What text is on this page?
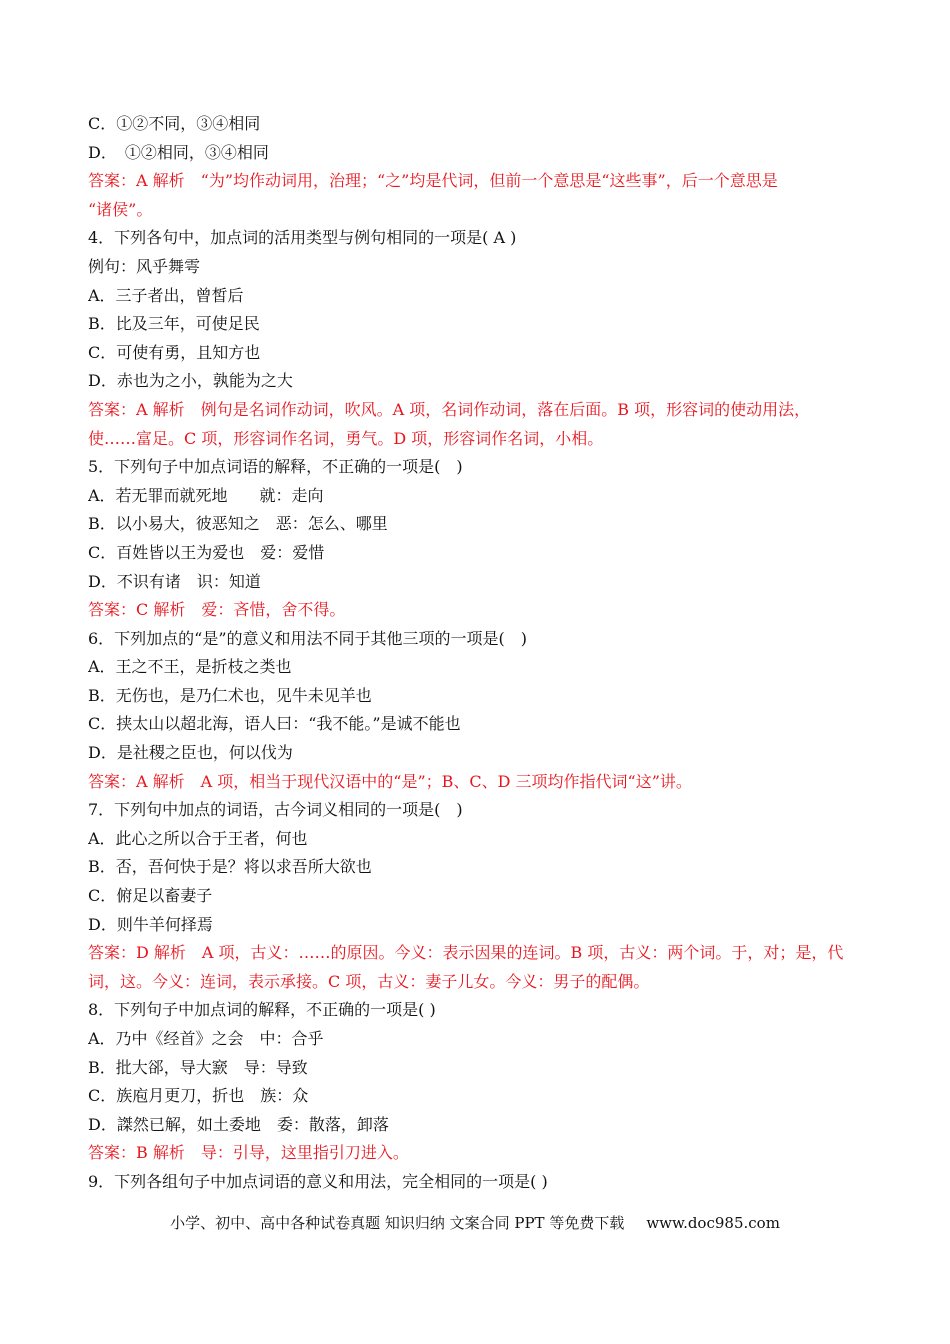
C．①②不同，③④相同
D．　①②相同，③④相同
答案：A 解析　“为”均作动词用，治理；“之”均是代词，但前一个意思是“这些事”，后一个意思是
“诸侯”。
4．下列各句中，加点词的活用类型与例句相同的一项是( A )
例句：风乎舞雩
A．三子者出，曾皙后
B．比及三年，可使足民
C．可使有勇，且知方也
D．赤也为之小，孰能为之大
答案：A 解析　例句是名词作动词，吹风。A 项，名词作动词，落在后面。B 项，形容词的使动用法，
使……富足。C 项，形容词作名词，勇气。D 项，形容词作名词，小相。
5．下列句子中加点词语的解释，不正确的一项是(　)
A．若无罪而就死地　　就：走向
B．以小易大，彼恶知之　恶：怎么、哪里
C．百姓皆以王为爱也　爱：爱惜
D．不识有诸　识：知道
答案：C 解析　爱：吝惜，舍不得。
6．下列加点的“是”的意义和用法不同于其他三项的一项是(　)
A．王之不王，是折枝之类也
B．无伤也，是乃仁术也，见牛未见羊也
C．挟太山以超北海，语人曰：“我不能。”是诚不能也
D．是社稷之臣也，何以伐为
答案：A 解析　A 项，相当于现代汉语中的“是”；B、C、D 三项均作指代词“这”讲。
7．下列句中加点的词语，古今词义相同的一项是(　)
A．此心之所以合于王者，何也
B．否，吾何快于是？将以求吾所大欲也
C．俯足以畜妻子
D．则牛羊何择焉
答案：D 解析　A 项，古义：……的原因。今义：表示因果的连词。B 项，古义：两个词。于，对；是，代
词，这。今义：连词，表示承接。C 项，古义：妻子儿女。今义：男子的配偶。
8．下列句子中加点词的解释，不正确的一项是( )
A．乃中《经首》之会　中：合乎
B．批大郤，导大窾　导：导致
C．族庖月更刀，折也　族：众
D．謋然已解，如土委地　委：散落，卸落
答案：B 解析　导：引导，这里指引刀进入。
9．下列各组句子中加点词语的意义和用法，完全相同的一项是( )
小学、初中、高中各种试卷真题 知识归纳 文案合同 PPT 等免费下载 www.doc985.com
